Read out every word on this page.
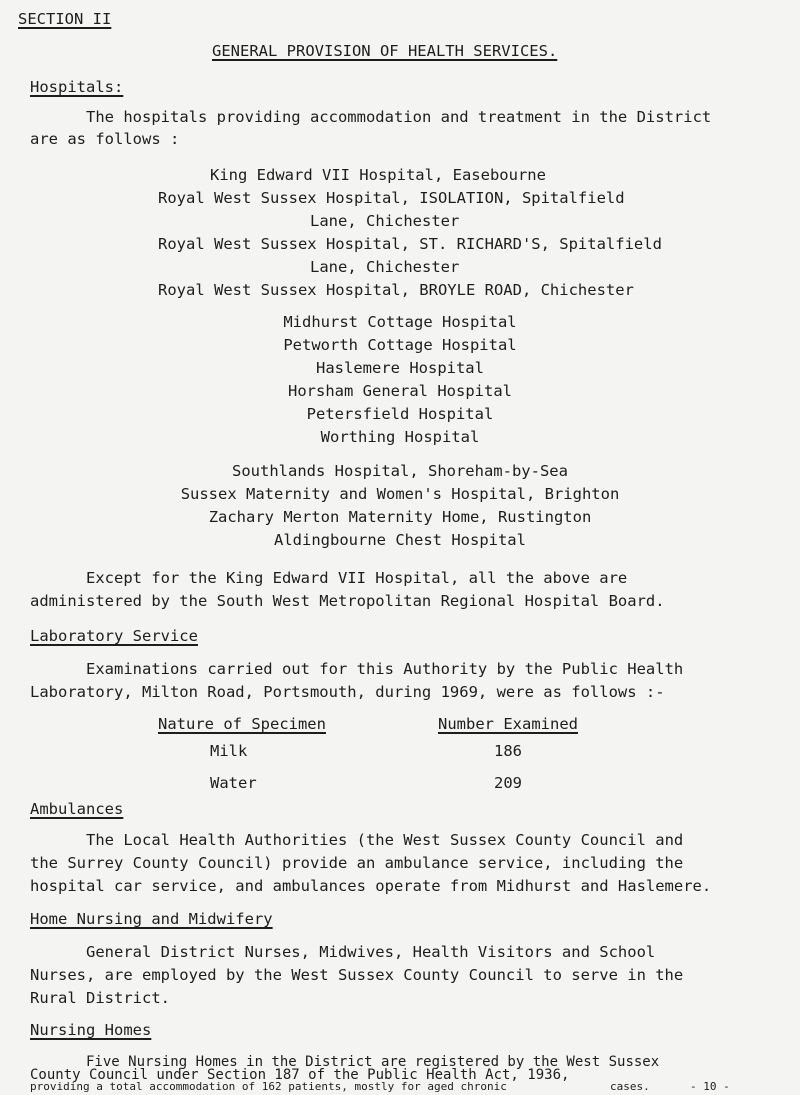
SECTION II
GENERAL PROVISION OF HEALTH SERVICES.
Hospitals:
The hospitals providing accommodation and treatment in the District
are as follows :
King Edward VII Hospital, Easebourne
Royal West Sussex Hospital, ISOLATION, Spitalfield
Lane, Chichester
Royal West Sussex Hospital, ST. RICHARD'S, Spitalfield
Lane, Chichester
Royal West Sussex Hospital, BROYLE ROAD, Chichester
Midhurst Cottage Hospital
Petworth Cottage Hospital
Haslemere Hospital
Horsham General Hospital
Petersfield Hospital
Worthing Hospital
Southlands Hospital, Shoreham-by-Sea
Sussex Maternity and Women's Hospital, Brighton
Zachary Merton Maternity Home, Rustington
Aldingbourne Chest Hospital
Except for the King Edward VII Hospital, all the above are
administered by the South West Metropolitan Regional Hospital Board.
Laboratory Service
Examinations carried out for this Authority by the Public Health
Laboratory, Milton Road, Portsmouth, during 1969, were as follows :-
Nature of Specimen	Number Examined
Milk	186
Water	209
Ambulances
The Local Health Authorities (the West Sussex County Council and
the Surrey County Council) provide an ambulance service, including the
hospital car service, and ambulances operate from Midhurst and Haslemere.
Home Nursing and Midwifery
General District Nurses, Midwives, Health Visitors and School
Nurses, are employed by the West Sussex County Council to serve in the
Rural District.
Nursing Homes
Five Nursing Homes in the District are registered by the West Sussex
County Council under Section 187 of the Public Health Act, 1936,
providing a total accommodation of 162 patients, mostly for aged chronic	cases.	- 10 -
